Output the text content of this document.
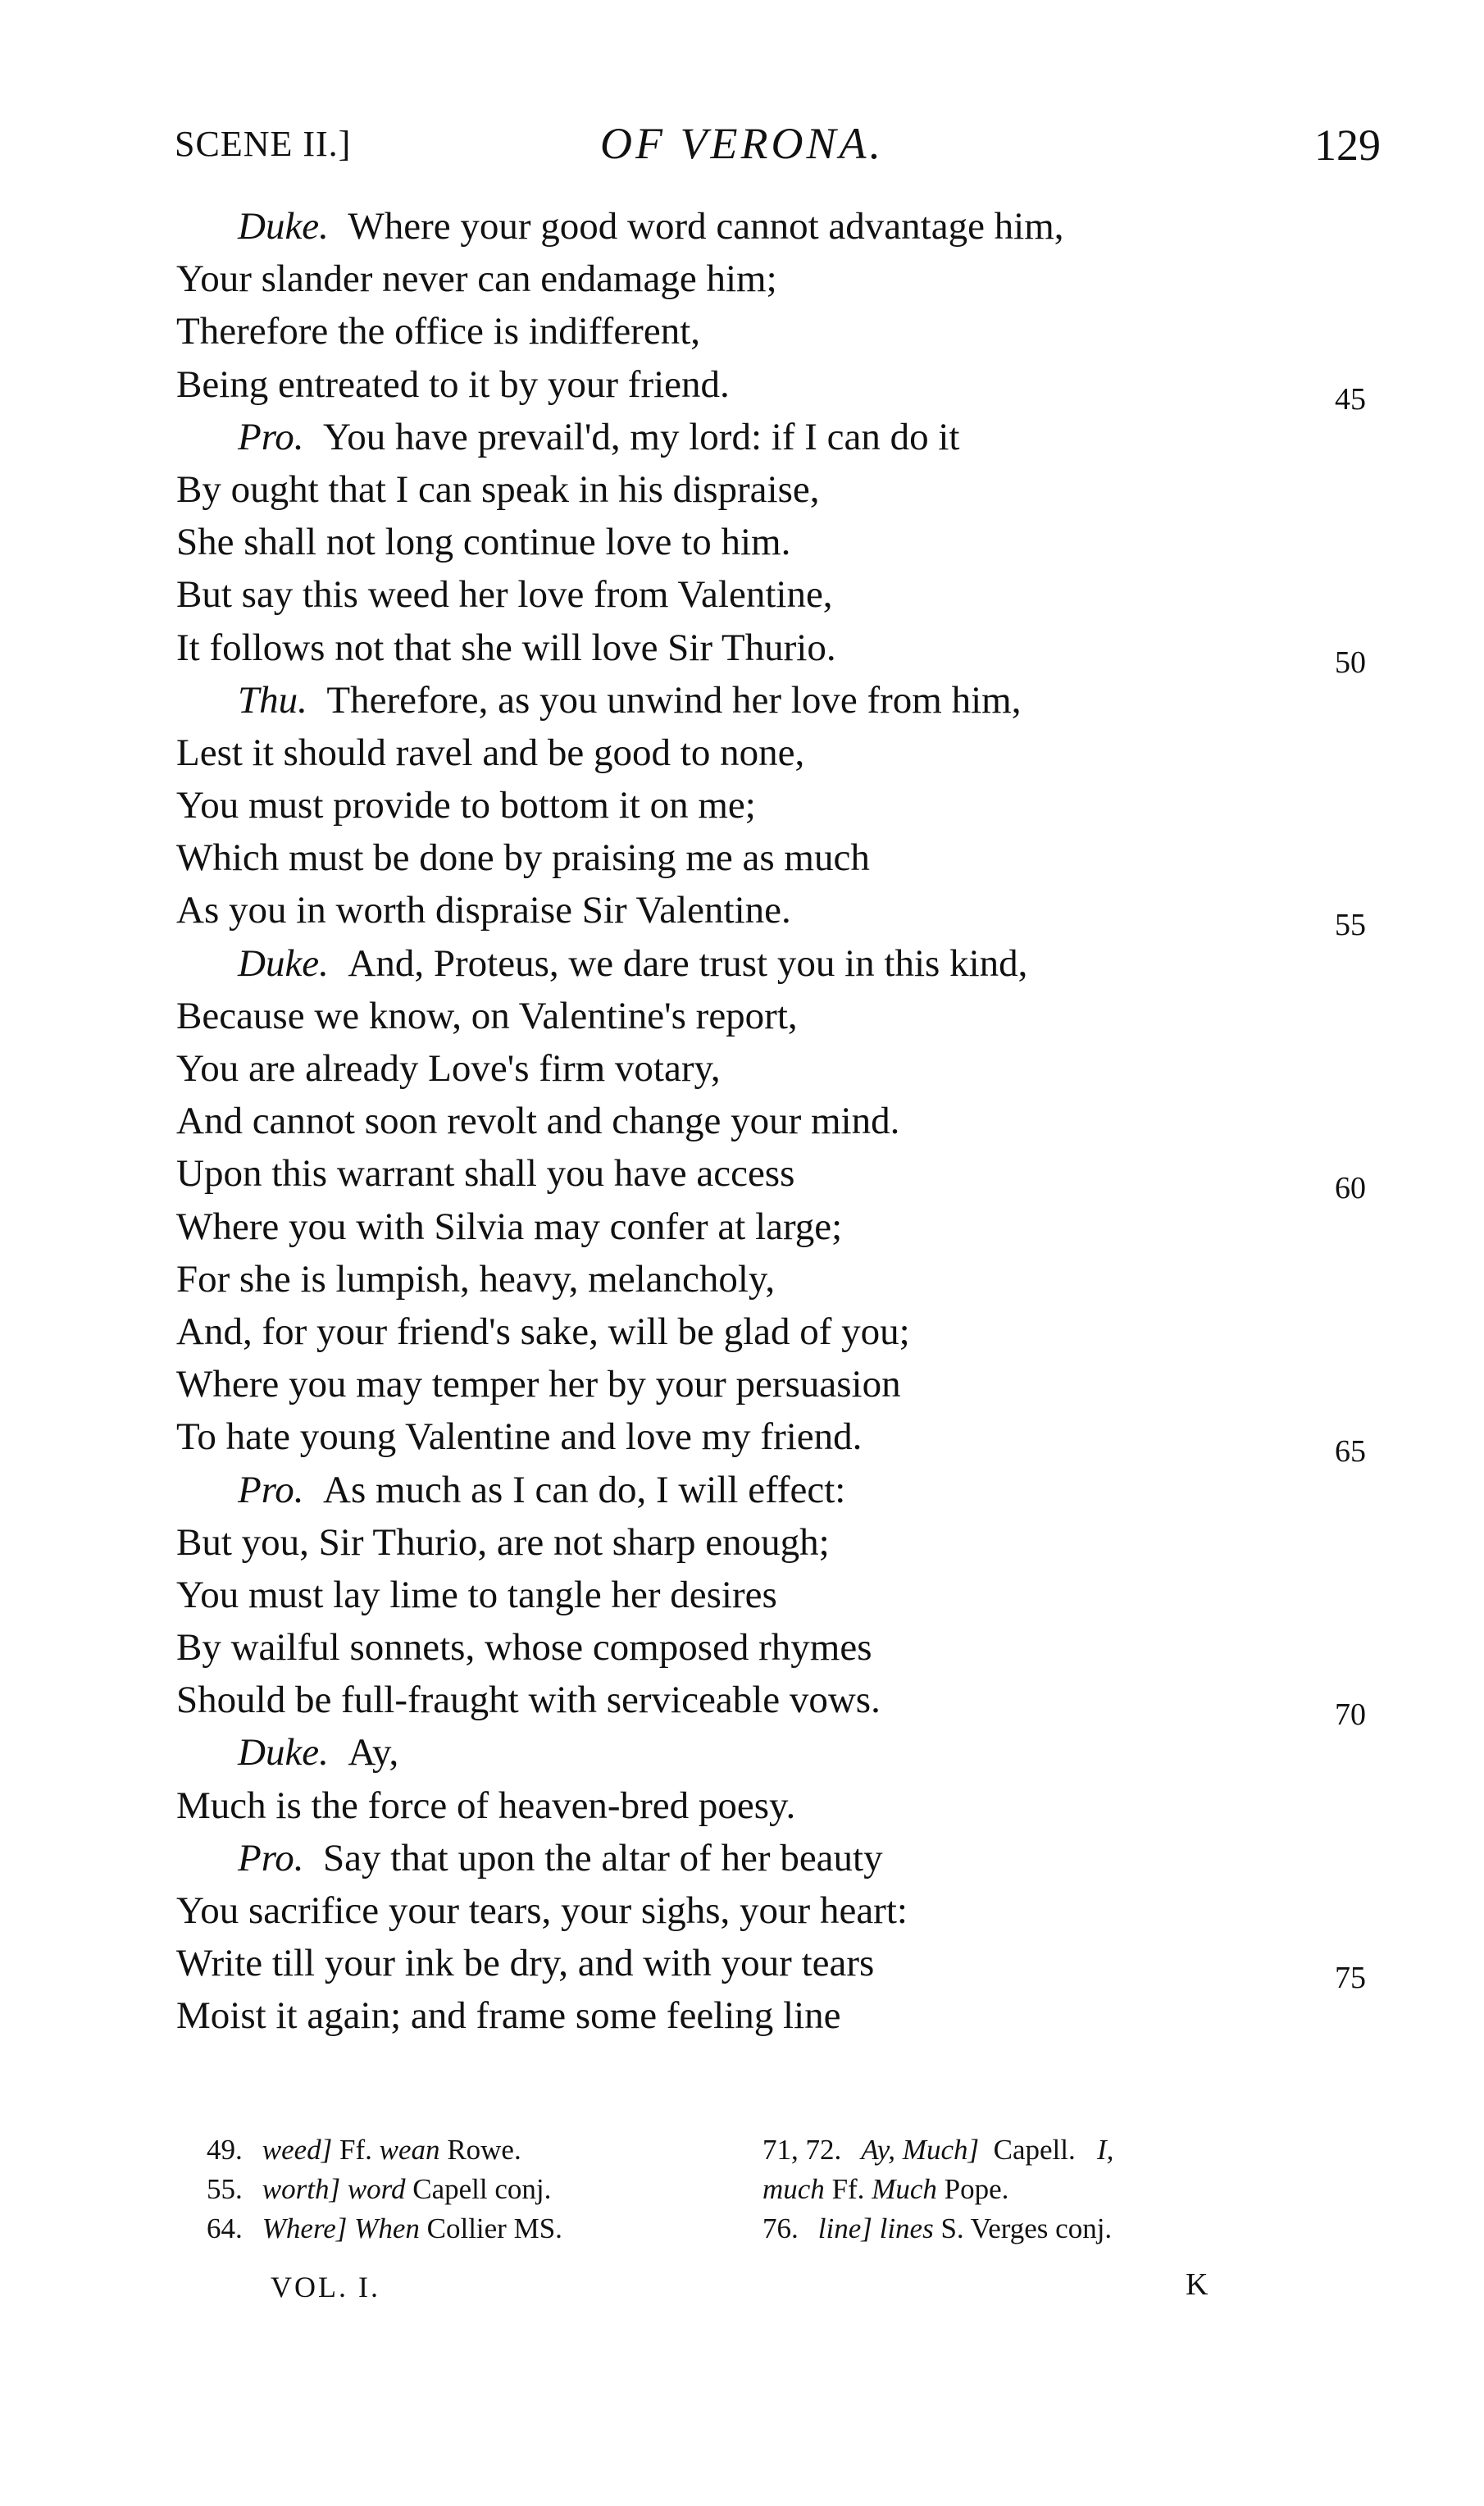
SCENE II.]	OF VERONA.	129
Duke.  Where your good word cannot advantage him,
Your slander never can endamage him;
Therefore the office is indifferent,
Being entreated to it by your friend.	45
Pro.  You have prevail'd, my lord: if I can do it
By ought that I can speak in his dispraise,
She shall not long continue love to him.
But say this weed her love from Valentine,
It follows not that she will love Sir Thurio.	50
Thu.  Therefore, as you unwind her love from him,
Lest it should ravel and be good to none,
You must provide to bottom it on me;
Which must be done by praising me as much
As you in worth dispraise Sir Valentine.	55
Duke.  And, Proteus, we dare trust you in this kind,
Because we know, on Valentine's report,
You are already Love's firm votary,
And cannot soon revolt and change your mind.
Upon this warrant shall you have access	60
Where you with Silvia may confer at large;
For she is lumpish, heavy, melancholy,
And, for your friend's sake, will be glad of you;
Where you may temper her by your persuasion
To hate young Valentine and love my friend.	65
Pro.  As much as I can do, I will effect:
But you, Sir Thurio, are not sharp enough;
You must lay lime to tangle her desires
By wailful sonnets, whose composed rhymes
Should be full-fraught with serviceable vows.	70
Duke.  Ay,
Much is the force of heaven-bred poesy.
Pro.  Say that upon the altar of her beauty
You sacrifice your tears, your sighs, your heart:
Write till your ink be dry, and with your tears	75
Moist it again; and frame some feeling line
49. weed] Ff. wean Rowe.
55. worth] word Capell conj.
64. Where] When Collier MS.
71, 72. Ay, Much] Capell. I,
much Ff. Much Pope.
76. line] lines S. Verges conj.
VOL. I.	K
